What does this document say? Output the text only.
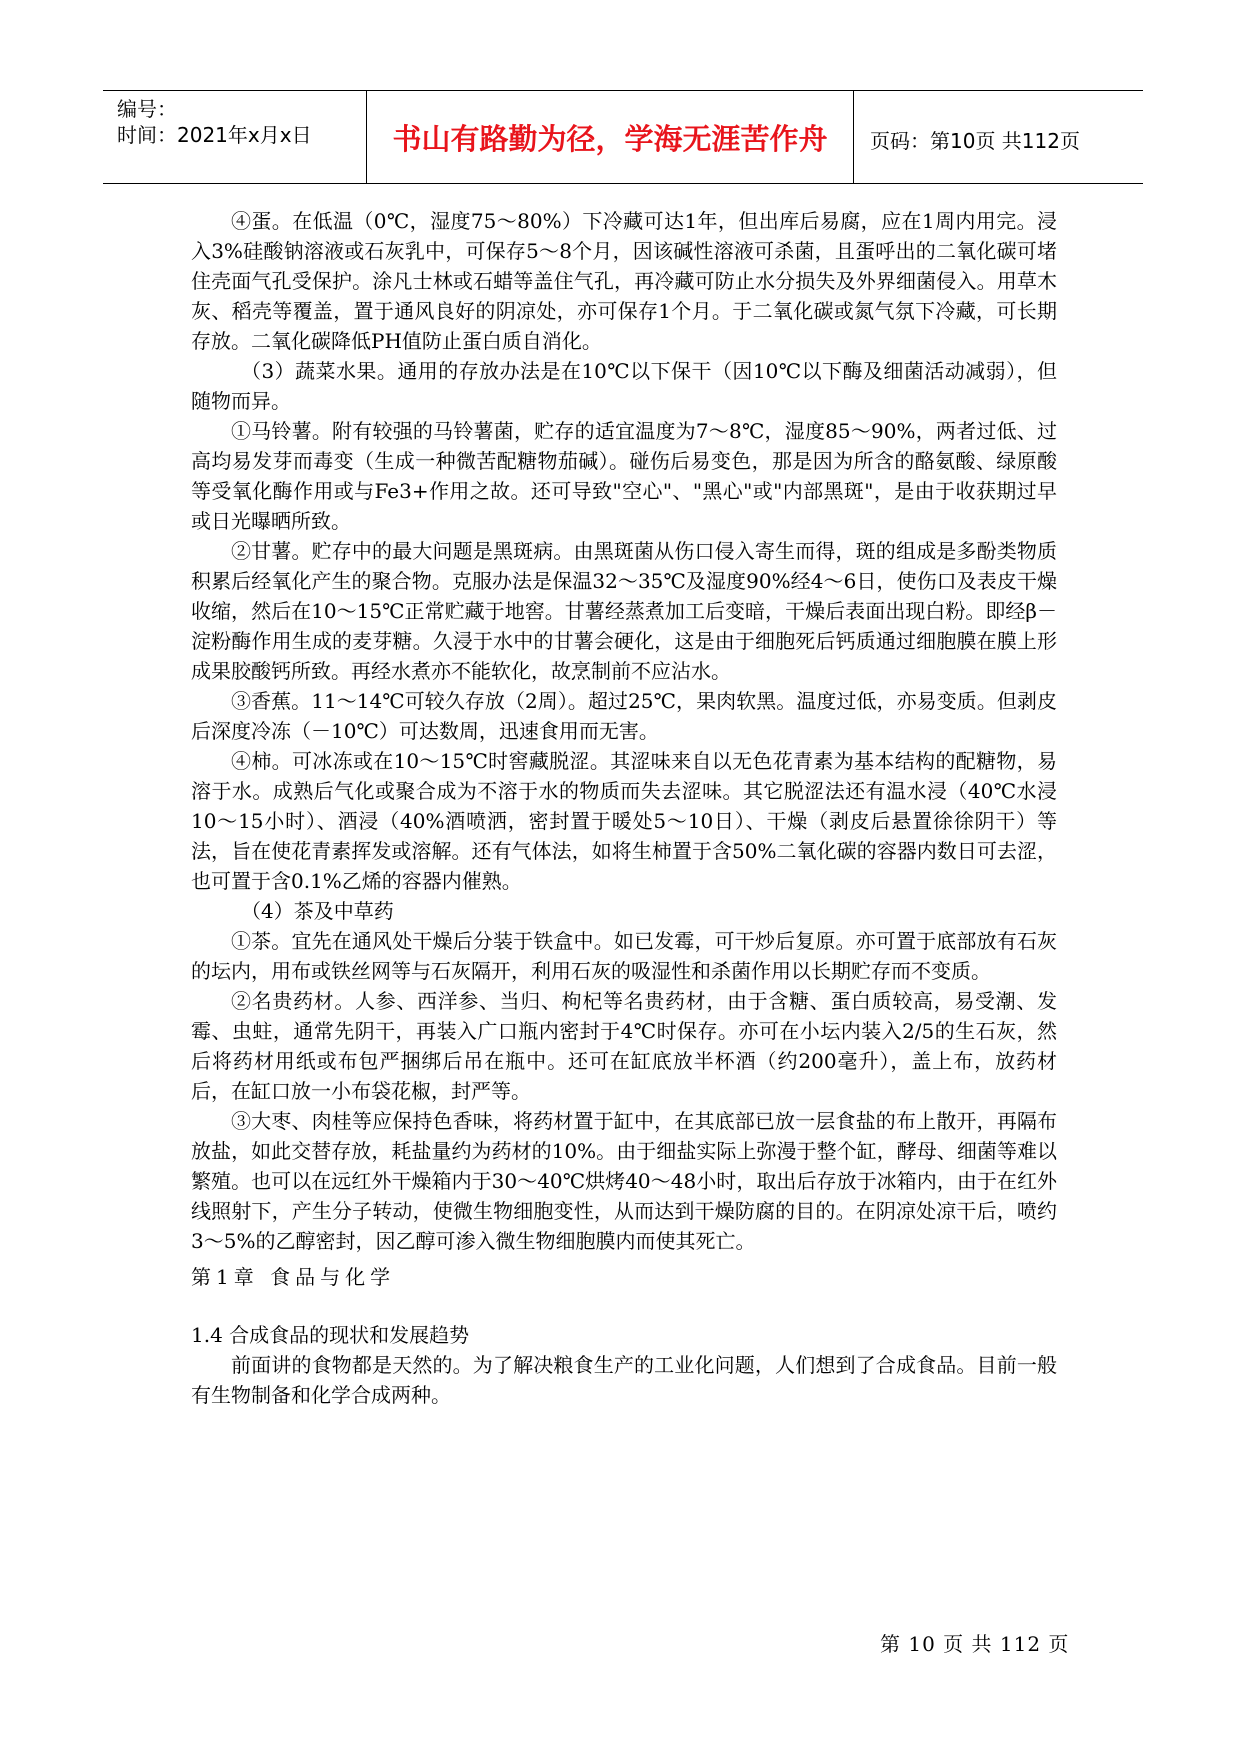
编号：
时间：2021年x月x日	书山有路勤为径，学海无涯苦作舟	页码：第10页 共112页

④蛋。在低温（0℃，湿度75～80%）下冷藏可达1年，但出库后易腐，应在1周内用完。浸入3%硅酸钠溶液或石灰乳中，可保存5～8个月，因该碱性溶液可杀菌，且蛋呼出的二氧化碳可堵住壳面气孔受保护。涂凡士林或石蜡等盖住气孔，再冷藏可防止水分损失及外界细菌侵入。用草木灰、稻壳等覆盖，置于通风良好的阴凉处，亦可保存1个月。于二氧化碳或氮气氛下冷藏，可长期存放。二氧化碳降低PH值防止蛋白质自消化。

（3）蔬菜水果。通用的存放办法是在10℃以下保干（因10℃以下酶及细菌活动减弱），但随物而异。

①马铃薯。附有较强的马铃薯菌，贮存的适宜温度为7～8℃，湿度85～90%，两者过低、过高均易发芽而毒变（生成一种微苦配糖物茄碱）。碰伤后易变色，那是因为所含的酪氨酸、绿原酸等受氧化酶作用或与Fe3+作用之故。还可导致"空心"、"黑心"或"内部黑斑"，是由于收获期过早或日光曝晒所致。

②甘薯。贮存中的最大问题是黑斑病。由黑斑菌从伤口侵入寄生而得，斑的组成是多酚类物质积累后经氧化产生的聚合物。克服办法是保温32～35℃及湿度90%经4～6日，使伤口及表皮干燥收缩，然后在10～15℃正常贮藏于地窖。甘薯经蒸煮加工后变暗，干燥后表面出现白粉。即经β－淀粉酶作用生成的麦芽糖。久浸于水中的甘薯会硬化，这是由于细胞死后钙质通过细胞膜在膜上形成果胶酸钙所致。再经水煮亦不能软化，故烹制前不应沾水。

③香蕉。11～14℃可较久存放（2周）。超过25℃，果肉软黑。温度过低，亦易变质。但剥皮后深度冷冻（－10℃）可达数周，迅速食用而无害。

④柿。可冰冻或在10～15℃时窖藏脱涩。其涩味来自以无色花青素为基本结构的配糖物，易溶于水。成熟后气化或聚合成为不溶于水的物质而失去涩味。其它脱涩法还有温水浸（40℃水浸10～15小时）、酒浸（40%酒喷洒，密封置于暖处5～10日）、干燥（剥皮后悬置徐徐阴干）等法，旨在使花青素挥发或溶解。还有气体法，如将生柿置于含50%二氧化碳的容器内数日可去涩，也可置于含0.1%乙烯的容器内催熟。

（4）茶及中草药

①茶。宜先在通风处干燥后分装于铁盒中。如已发霉，可干炒后复原。亦可置于底部放有石灰的坛内，用布或铁丝网等与石灰隔开，利用石灰的吸湿性和杀菌作用以长期贮存而不变质。

②名贵药材。人参、西洋参、当归、枸杞等名贵药材，由于含糖、蛋白质较高，易受潮、发霉、虫蛀，通常先阴干，再装入广口瓶内密封于4℃时保存。亦可在小坛内装入2/5的生石灰，然后将药材用纸或布包严捆绑后吊在瓶中。还可在缸底放半杯酒（约200毫升），盖上布，放药材后，在缸口放一小布袋花椒，封严等。

③大枣、肉桂等应保持色香味，将药材置于缸中，在其底部已放一层食盐的布上散开，再隔布放盐，如此交替存放，耗盐量约为药材的10%。由于细盐实际上弥漫于整个缸，酵母、细菌等难以繁殖。也可以在远红外干燥箱内于30～40℃烘烤40～48小时，取出后存放于冰箱内，由于在红外线照射下，产生分子转动，使微生物细胞变性，从而达到干燥防腐的目的。在阴凉处凉干后，喷约3～5%的乙醇密封，因乙醇可渗入微生物细胞膜内而使其死亡。

第1章 食品与化学

1.4 合成食品的现状和发展趋势

前面讲的食物都是天然的。为了解决粮食生产的工业化问题，人们想到了合成食品。目前一般有生物制备和化学合成两种。

第 10 页 共 112 页
